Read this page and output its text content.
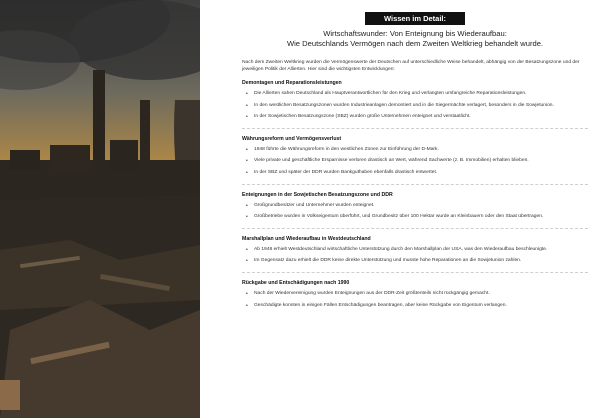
Wissen im Detail:
Wirtschaftswunder: Von Enteignung bis Wiederaufbau:
Wie Deutschlands Vermögen nach dem Zweiten Weltkrieg behandelt wurde.

Nach dem Zweiten Weltkrieg wurden die Vermögenswerte der Deutschen auf unterschiedliche Weise behandelt, abhängig von der Besatzungszone und der jeweiligen Politik der Allierten. Hier sind die wichtigsten Entwicklungen:

Demontagen und Reparationsleistungen
• Die Allierten sahen Deutschland als Hauptverantwortlichen für den Krieg und verlangten umfangreiche Reparationsleistungen.
• In den westlichen Besatzungszonen wurden Industrieanlagen demontiert und in die Siegermächte verlagert, besonders in die Sowjetunion.
• In der Sowjetischen Besatzungszone (SBZ) wurden große Unternehmen enteignet und verstaatlicht.
Währungsreform und Vermögensverlust
• 1948 führte die Währungsreform in den westlichen Zonen zur Einführung der D-Mark.
• Viele private und geschäftliche Ersparnisse verloren drastisch an Wert, während Sachwerte (z. B. Immobilien) erhalten blieben.
• In der SBZ und später der DDR wurden Bankguthaben ebenfalls drastisch entwertet.
Enteignungen in der Sowjetischen Besatzungszone und DDR
• Großgrundbesitzer und Unternehmer wurden enteignet.
• Großbetriebe wurden in Volkseigentum überführt, und Grundbesitz über 100 Hektar wurde an Kleinbauern oder den Staat übertragen.
Marshallplan und Wiederaufbau in Westdeutschland
• Ab 1948 erhielt Westdeutschland wirtschaftliche Unterstützung durch den Marshallplan der USA, was den Wiederaufbau beschleunigte.
• Im Gegensatz dazu erhielt die DDR keine direkte Unterstützung und musste hohe Reparationen an die Sowjetunion zahlen.
Rückgabe und Entschädigungen nach 1990
• Nach der Wiedervereinigung wurden Enteignungen aus der DDR-Zeit größtenteils nicht rückgängig gemacht.
• Geschädigte konnten in einigen Fällen Entschädigungen beantragen, aber keine Rückgabe von Eigentum verlangen.
